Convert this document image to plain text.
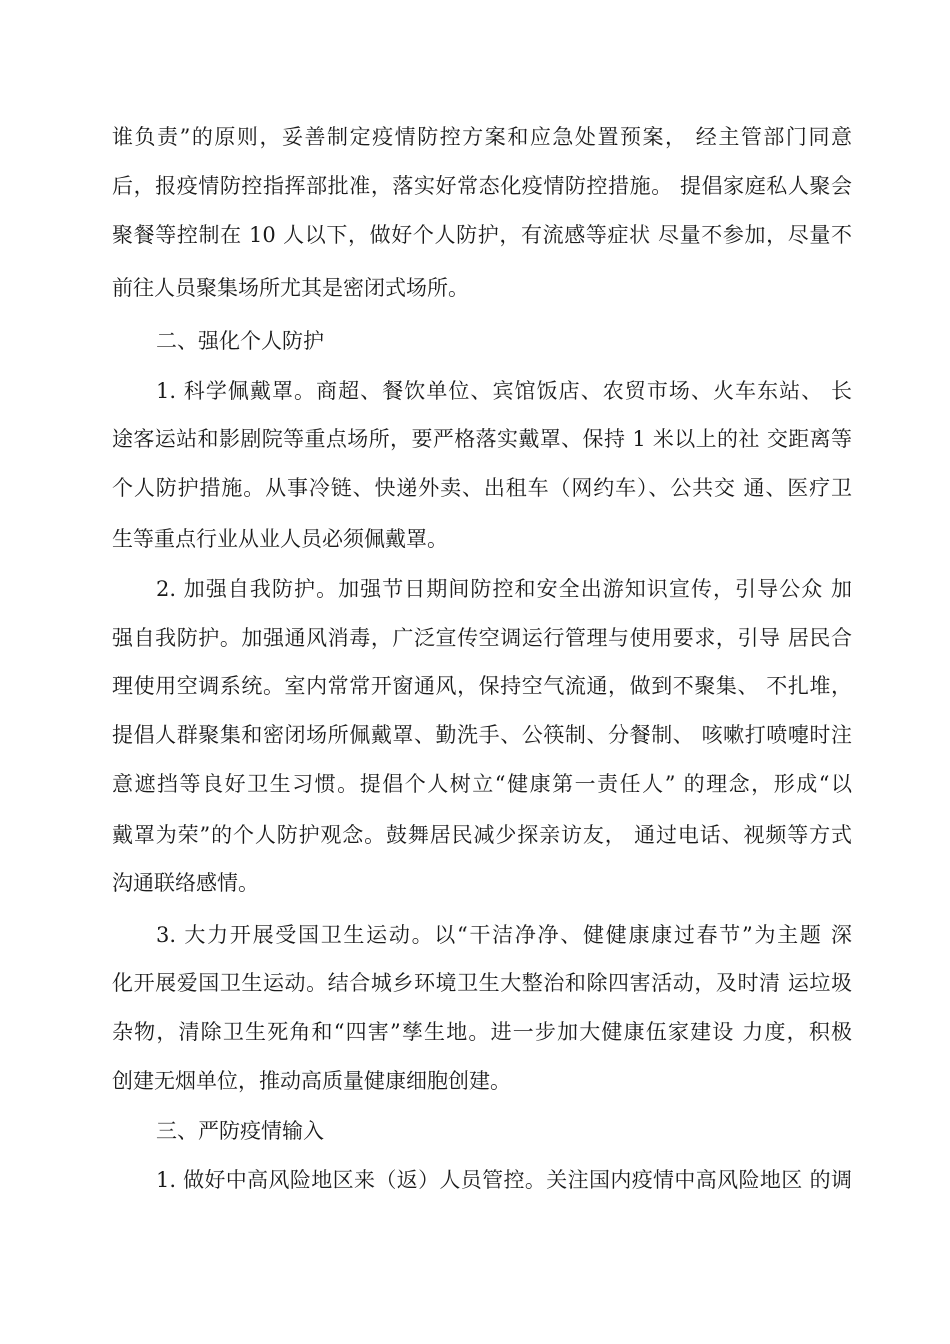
谁负责”的原则，妥善制定疫情防控方案和应急处置预案， 经主管部门同意
后，报疫情防控指挥部批准，落实好常态化疫情防控措施。 提倡家庭私人聚会
聚餐等控制在 10 人以下，做好个人防护，有流感等症状 尽量不参加，尽量不
前往人员聚集场所尤其是密闭式场所。
二、强化个人防护
1. 科学佩戴罩。商超、餐饮单位、宾馆饭店、农贸市场、火车东站、 长
途客运站和影剧院等重点场所，要严格落实戴罩、保持 1 米以上的社 交距离等
个人防护措施。从事冷链、快递外卖、出租车（网约车）、公共交 通、医疗卫
生等重点行业从业人员必须佩戴罩。
2. 加强自我防护。加强节日期间防控和安全出游知识宣传，引导公众 加
强自我防护。加强通风消毒，广泛宣传空调运行管理与使用要求，引导 居民合
理使用空调系统。室内常常开窗通风，保持空气流通，做到不聚集、 不扎堆，
提倡人群聚集和密闭场所佩戴罩、勤洗手、公筷制、分餐制、 咳嗽打喷嚏时注
意遮挡等良好卫生习惯。提倡个人树立“健康第一责任人” 的理念，形成“以
戴罩为荣”的个人防护观念。鼓舞居民减少探亲访友， 通过电话、视频等方式
沟通联络感情。
3. 大力开展受国卫生运动。以“干洁净净、健健康康过春节”为主题 深
化开展爱国卫生运动。结合城乡环境卫生大整治和除四害活动，及时清 运垃圾
杂物，清除卫生死角和“四害”孳生地。进一步加大健康伍家建设 力度，积极
创建无烟单位，推动高质量健康细胞创建。
三、严防疫情输入
1. 做好中高风险地区来（返）人员管控。关注国内疫情中高风险地区 的调
